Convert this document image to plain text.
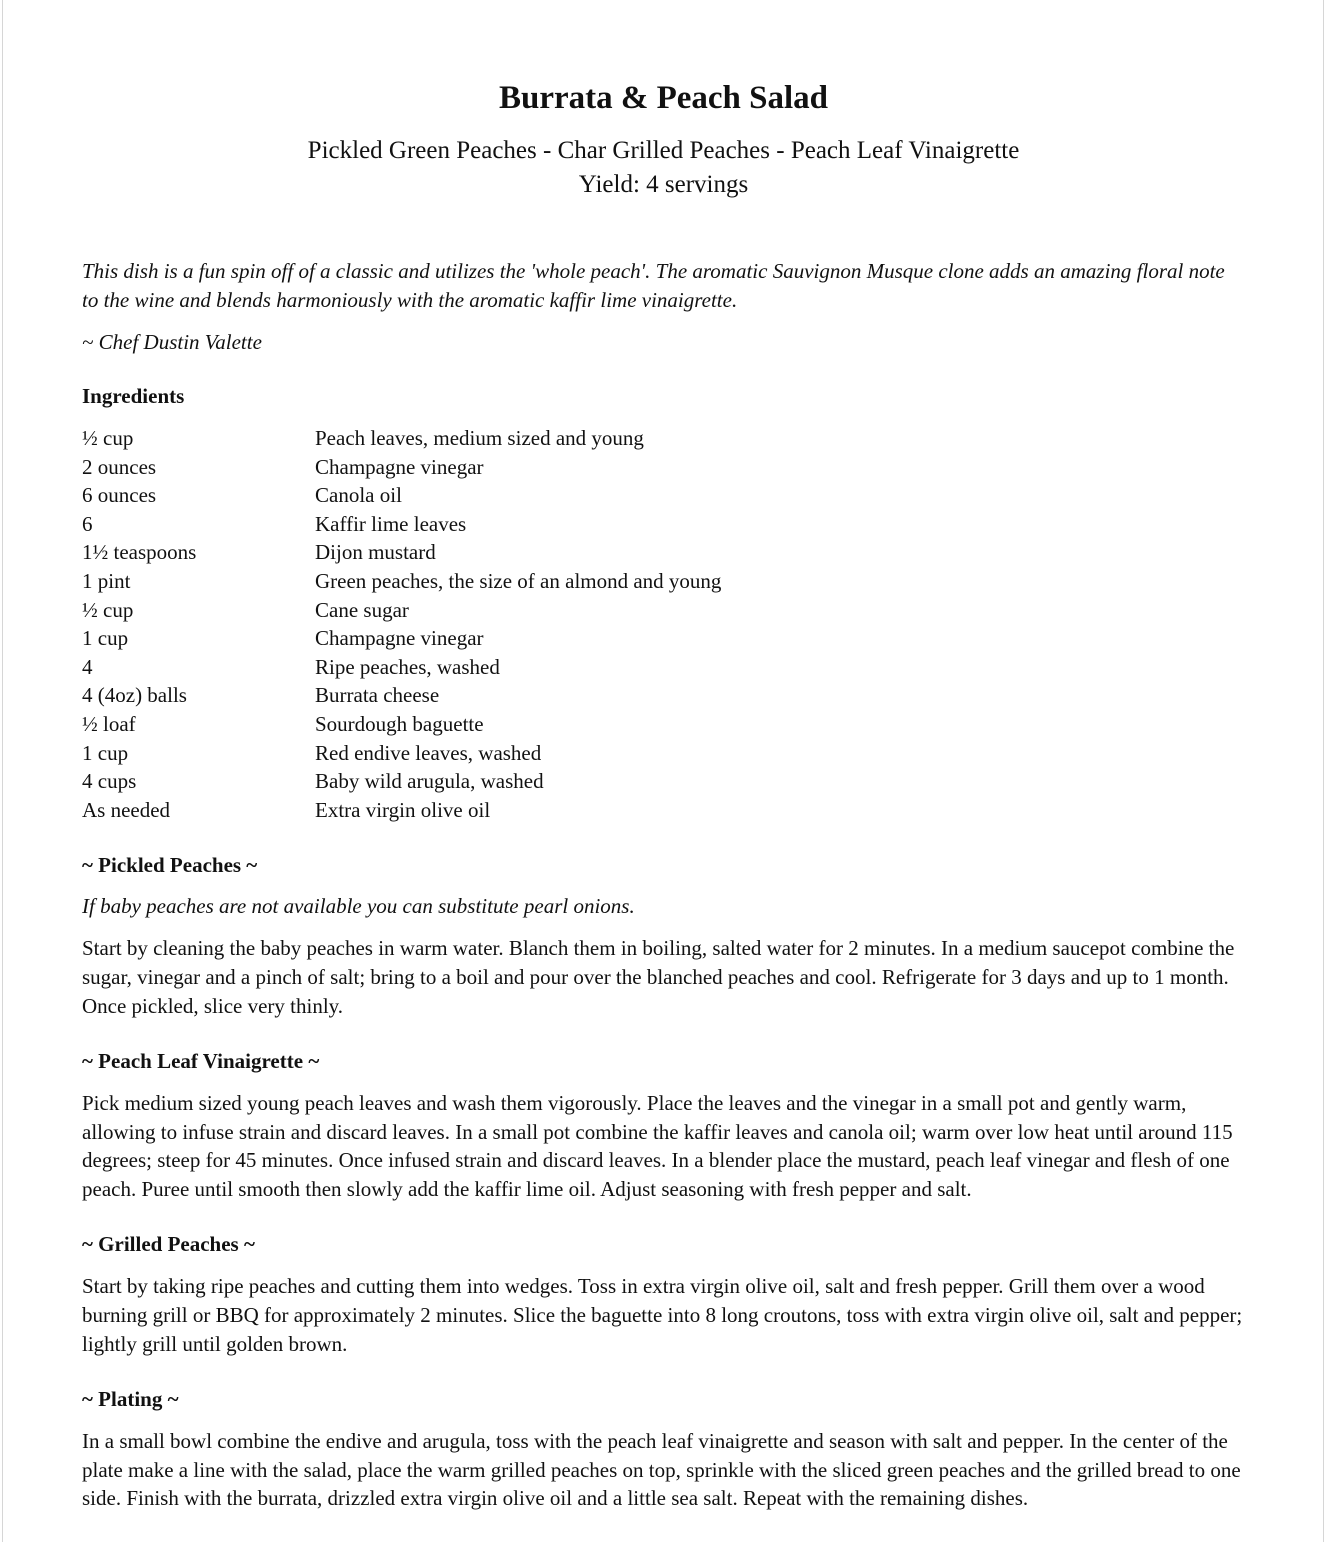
Burrata & Peach Salad
Pickled Green Peaches - Char Grilled Peaches - Peach Leaf Vinaigrette
Yield: 4 servings
This dish is a fun spin off of a classic and utilizes the 'whole peach'. The aromatic Sauvignon Musque clone adds an amazing floral note to the wine and blends harmoniously with the aromatic kaffir lime vinaigrette.
~ Chef Dustin Valette
Ingredients
½ cup	Peach leaves, medium sized and young
2 ounces	Champagne vinegar
6 ounces	Canola oil
6	Kaffir lime leaves
1½ teaspoons	Dijon mustard
1 pint	Green peaches, the size of an almond and young
½ cup	Cane sugar
1 cup	Champagne vinegar
4	Ripe peaches, washed
4 (4oz) balls	Burrata cheese
½ loaf	Sourdough baguette
1 cup	Red endive leaves, washed
4 cups	Baby wild arugula, washed
As needed	Extra virgin olive oil
~ Pickled Peaches ~
If baby peaches are not available you can substitute pearl onions.
Start by cleaning the baby peaches in warm water. Blanch them in boiling, salted water for 2 minutes. In a medium saucepot combine the sugar, vinegar and a pinch of salt; bring to a boil and pour over the blanched peaches and cool. Refrigerate for 3 days and up to 1 month. Once pickled, slice very thinly.
~ Peach Leaf Vinaigrette ~
Pick medium sized young peach leaves and wash them vigorously. Place the leaves and the vinegar in a small pot and gently warm, allowing to infuse strain and discard leaves. In a small pot combine the kaffir leaves and canola oil; warm over low heat until around 115 degrees; steep for 45 minutes. Once infused strain and discard leaves. In a blender place the mustard, peach leaf vinegar and flesh of one peach. Puree until smooth then slowly add the kaffir lime oil. Adjust seasoning with fresh pepper and salt.
~ Grilled Peaches ~
Start by taking ripe peaches and cutting them into wedges. Toss in extra virgin olive oil, salt and fresh pepper. Grill them over a wood burning grill or BBQ for approximately 2 minutes. Slice the baguette into 8 long croutons, toss with extra virgin olive oil, salt and pepper; lightly grill until golden brown.
~ Plating ~
In a small bowl combine the endive and arugula, toss with the peach leaf vinaigrette and season with salt and pepper. In the center of the plate make a line with the salad, place the warm grilled peaches on top, sprinkle with the sliced green peaches and the grilled bread to one side. Finish with the burrata, drizzled extra virgin olive oil and a little sea salt. Repeat with the remaining dishes.
